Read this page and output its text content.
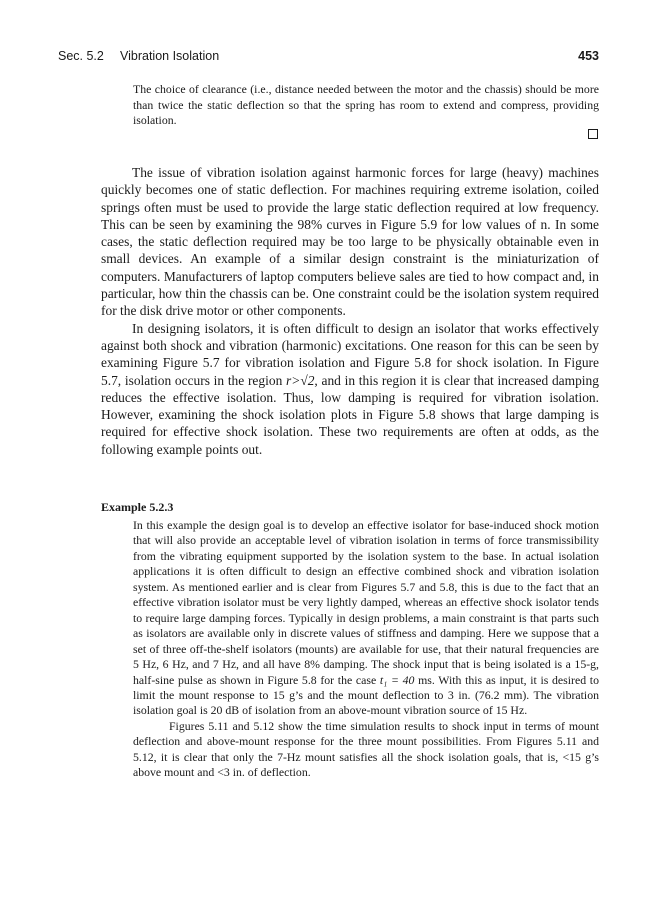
Sec. 5.2 Vibration Isolation	453

The choice of clearance (i.e., distance needed between the motor and the chassis) should be more than twice the static deflection so that the spring has room to extend and compress, providing isolation.

The issue of vibration isolation against harmonic forces for large (heavy) machines quickly becomes one of static deflection. For machines requiring extreme isolation, coiled springs often must be used to provide the large static deflection required at low frequency. This can be seen by examining the 98% curves in Figure 5.9 for low values of n. In some cases, the static deflection required may be too large to be physically obtainable even in small devices. An example of a similar design constraint is the miniaturization of computers. Manufacturers of laptop computers believe sales are tied to how compact and, in particular, how thin the chassis can be. One constraint could be the isolation system required for the disk drive motor or other components.

In designing isolators, it is often difficult to design an isolator that works effectively against both shock and vibration (harmonic) excitations. One reason for this can be seen by examining Figure 5.7 for vibration isolation and Figure 5.8 for shock isolation. In Figure 5.7, isolation occurs in the region r>√2, and in this region it is clear that increased damping reduces the effective isolation. Thus, low damping is required for vibration isolation. However, examining the shock isolation plots in Figure 5.8 shows that large damping is required for effective shock isolation. These two requirements are often at odds, as the following example points out.

Example 5.2.3

In this example the design goal is to develop an effective isolator for base-induced shock motion that will also provide an acceptable level of vibration isolation in terms of force transmissibility from the vibrating equipment supported by the isolation system to the base. In actual isolation applications it is often difficult to design an effective combined shock and vibration isolation system. As mentioned earlier and is clear from Figures 5.7 and 5.8, this is due to the fact that an effective vibration isolator must be very lightly damped, whereas an effective shock isolator tends to require large damping forces. Typically in design problems, a main constraint is that parts such as isolators are available only in discrete values of stiffness and damping. Here we suppose that a set of three off-the-shelf isolators (mounts) are available for use, that their natural frequencies are 5 Hz, 6 Hz, and 7 Hz, and all have 8% damping. The shock input that is being isolated is a 15-g, half-sine pulse as shown in Figure 5.8 for the case t₁ = 40 ms. With this as input, it is desired to limit the mount response to 15 g’s and the mount deflection to 3 in. (76.2 mm). The vibration isolation goal is 20 dB of isolation from an above-mount vibration source of 15 Hz.

Figures 5.11 and 5.12 show the time simulation results to shock input in terms of mount deflection and above-mount response for the three mount possibilities. From Figures 5.11 and 5.12, it is clear that only the 7-Hz mount satisfies all the shock isolation goals, that is, <15 g’s above mount and <3 in. of deflection.
